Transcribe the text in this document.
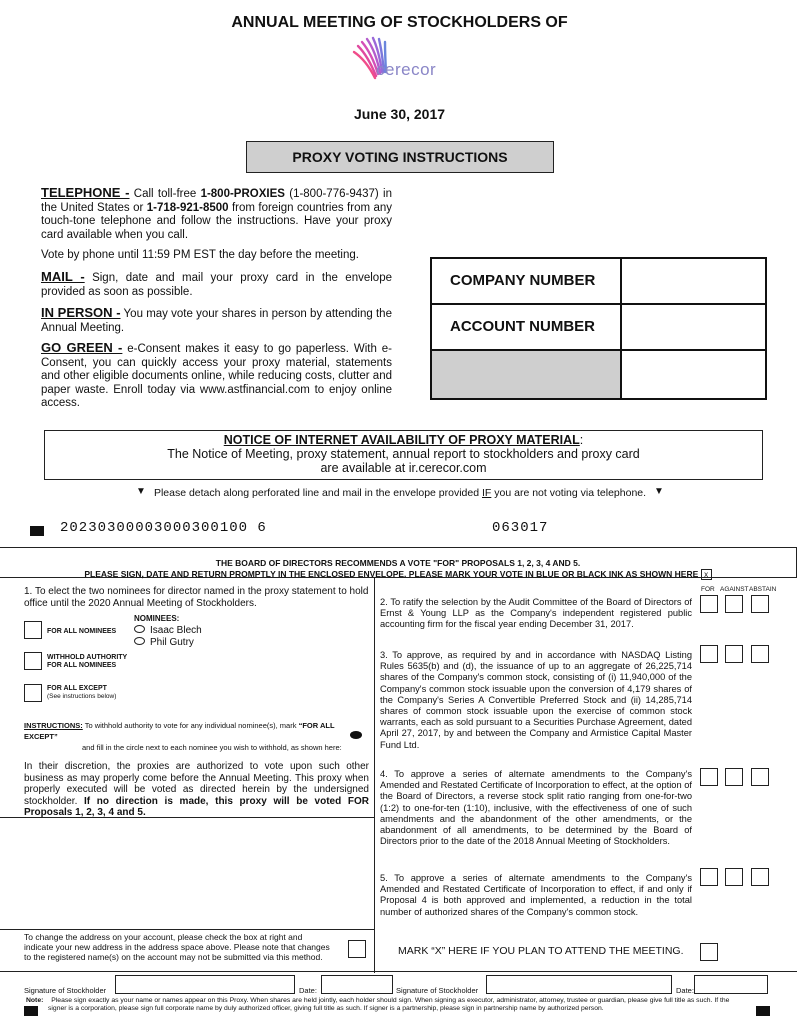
ANNUAL MEETING OF STOCKHOLDERS OF
cerecor
June 30, 2017
PROXY VOTING INSTRUCTIONS
TELEPHONE - Call toll-free 1-800-PROXIES (1-800-776-9437) in the United States or 1-718-921-8500 from foreign countries from any touch-tone telephone and follow the instructions. Have your proxy card available when you call.
Vote by phone until 11:59 PM EST the day before the meeting.
MAIL - Sign, date and mail your proxy card in the envelope provided as soon as possible.
IN PERSON - You may vote your shares in person by attending the Annual Meeting.
GO GREEN - e-Consent makes it easy to go paperless. With e-Consent, you can quickly access your proxy material, statements and other eligible documents online, while reducing costs, clutter and paper waste. Enroll today via www.astfinancial.com to enjoy online access.
COMPANY NUMBER
ACCOUNT NUMBER
NOTICE OF INTERNET AVAILABILITY OF PROXY MATERIAL:
The Notice of Meeting, proxy statement, annual report to stockholders and proxy card
are available at ir.cerecor.com
▼ Please detach along perforated line and mail in the envelope provided IF you are not voting via telephone. ▼
20230300003000300100 6	063017
THE BOARD OF DIRECTORS RECOMMENDS A VOTE "FOR" PROPOSALS 1, 2, 3, 4 AND 5.
PLEASE SIGN, DATE AND RETURN PROMPTLY IN THE ENCLOSED ENVELOPE. PLEASE MARK YOUR VOTE IN BLUE OR BLACK INK AS SHOWN HERE x
1. To elect the two nominees for director named in the proxy statement to hold office until the 2020 Annual Meeting of Stockholders.
NOMINEES:
Isaac Blech
Phil Gutry
FOR ALL NOMINEES
WITHHOLD AUTHORITY
FOR ALL NOMINEES
FOR ALL EXCEPT
(See instructions below)
INSTRUCTIONS: To withhold authority to vote for any individual nominee(s), mark “FOR ALL EXCEPT”
and fill in the circle next to each nominee you wish to withhold, as shown here:
In their discretion, the proxies are authorized to vote upon such other business as may properly come before the Annual Meeting. This proxy when properly executed will be voted as directed herein by the undersigned stockholder. If no direction is made, this proxy will be voted FOR Proposals 1, 2, 3, 4 and 5.
FOR AGAINST ABSTAIN
2. To ratify the selection by the Audit Committee of the Board of Directors of Ernst & Young LLP as the Company's independent registered public accounting firm for the fiscal year ending December 31, 2017.
3. To approve, as required by and in accordance with NASDAQ Listing Rules 5635(b) and (d), the issuance of up to an aggregate of 26,225,714 shares of the Company's common stock, consisting of (i) 11,940,000 of the Company's common stock issuable upon the conversion of 4,179 shares of the Company's Series A Convertible Preferred Stock and (ii) 14,285,714 shares of common stock issuable upon the exercise of common stock warrants, each as sold pursuant to a Securities Purchase Agreement, dated April 27, 2017, by and between the Company and Armistice Capital Master Fund Ltd.
4. To approve a series of alternate amendments to the Company's Amended and Restated Certificate of Incorporation to effect, at the option of the Board of Directors, a reverse stock split ratio ranging from one-for-two (1:2) to one-for-ten (1:10), inclusive, with the effectiveness of one of such amendments and the abandonment of the other amendments, or the abandonment of all amendments, to be determined by the Board of Directors prior to the date of the 2018 Annual Meeting of Stockholders.
5. To approve a series of alternate amendments to the Company's Amended and Restated Certificate of Incorporation to effect, if and only if Proposal 4 is both approved and implemented, a reduction in the total number of authorized shares of the Company's common stock.
MARK “X” HERE IF YOU PLAN TO ATTEND THE MEETING.
To change the address on your account, please check the box at right and indicate your new address in the address space above. Please note that changes to the registered name(s) on the account may not be submitted via this method.
Signature of Stockholder	Date:	Signature of Stockholder	Date:
Note: Please sign exactly as your name or names appear on this Proxy. When shares are held jointly, each holder should sign. When signing as executor, administrator, attorney, trustee or guardian, please give full title as such. If the signer is a corporation, please sign full corporate name by duly authorized officer, giving full title as such. If signer is a partnership, please sign in partnership name by authorized person.
